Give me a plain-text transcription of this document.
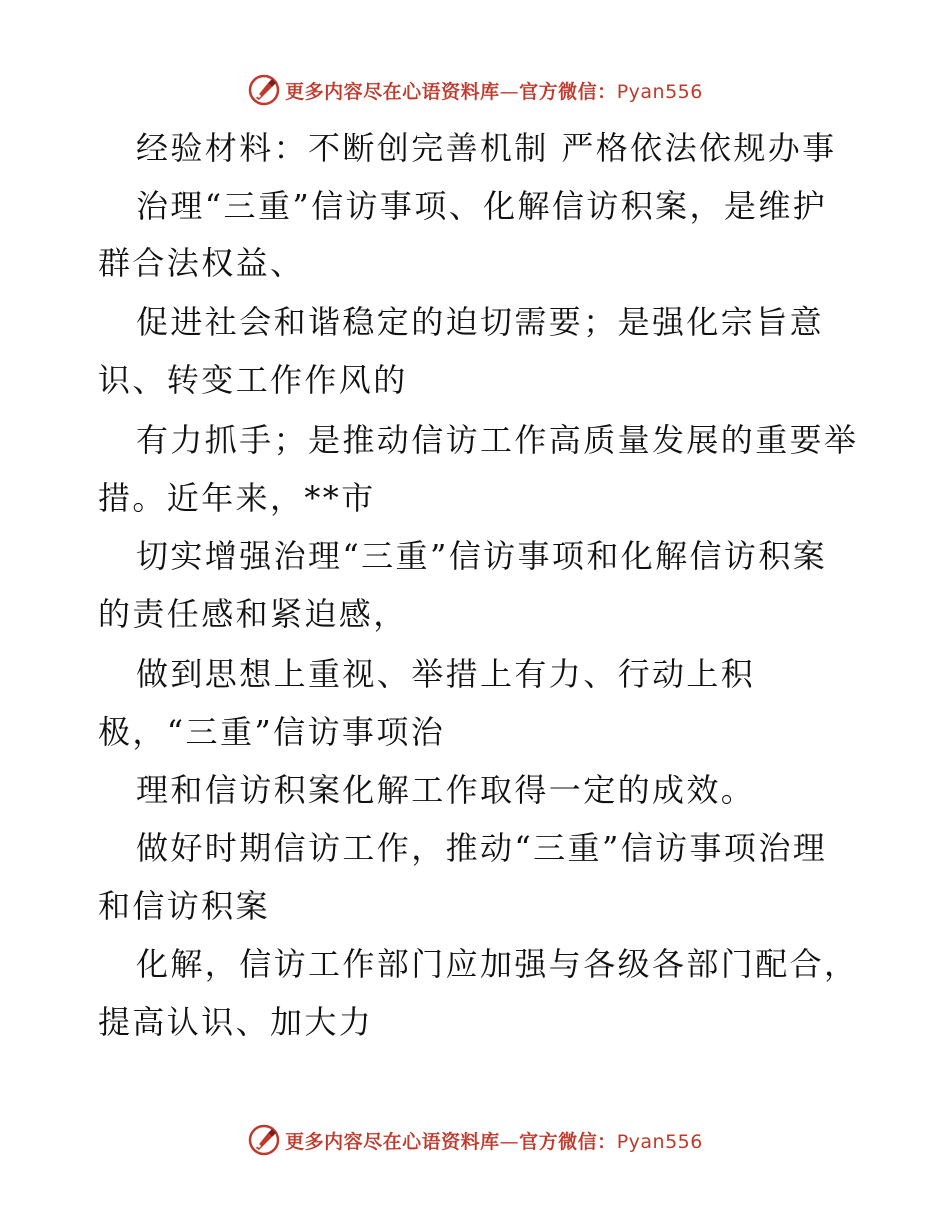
更多内容尽在心语资料库—官方微信：Pyan556
经验材料：不断创完善机制 严格依法依规办事
治理“三重”信访事项、化解信访积案，是维护
群合法权益、
促进社会和谐稳定的迫切需要；是强化宗旨意
识、转变工作作风的
有力抓手；是推动信访工作高质量发展的重要举
措。近年来，**市
切实增强治理“三重”信访事项和化解信访积案
的责任感和紧迫感，
做到思想上重视、举措上有力、行动上积
极，“三重”信访事项治
理和信访积案化解工作取得一定的成效。
做好时期信访工作，推动“三重”信访事项治理
和信访积案
化解，信访工作部门应加强与各级各部门配合，
提高认识、加大力
更多内容尽在心语资料库—官方微信：Pyan556
